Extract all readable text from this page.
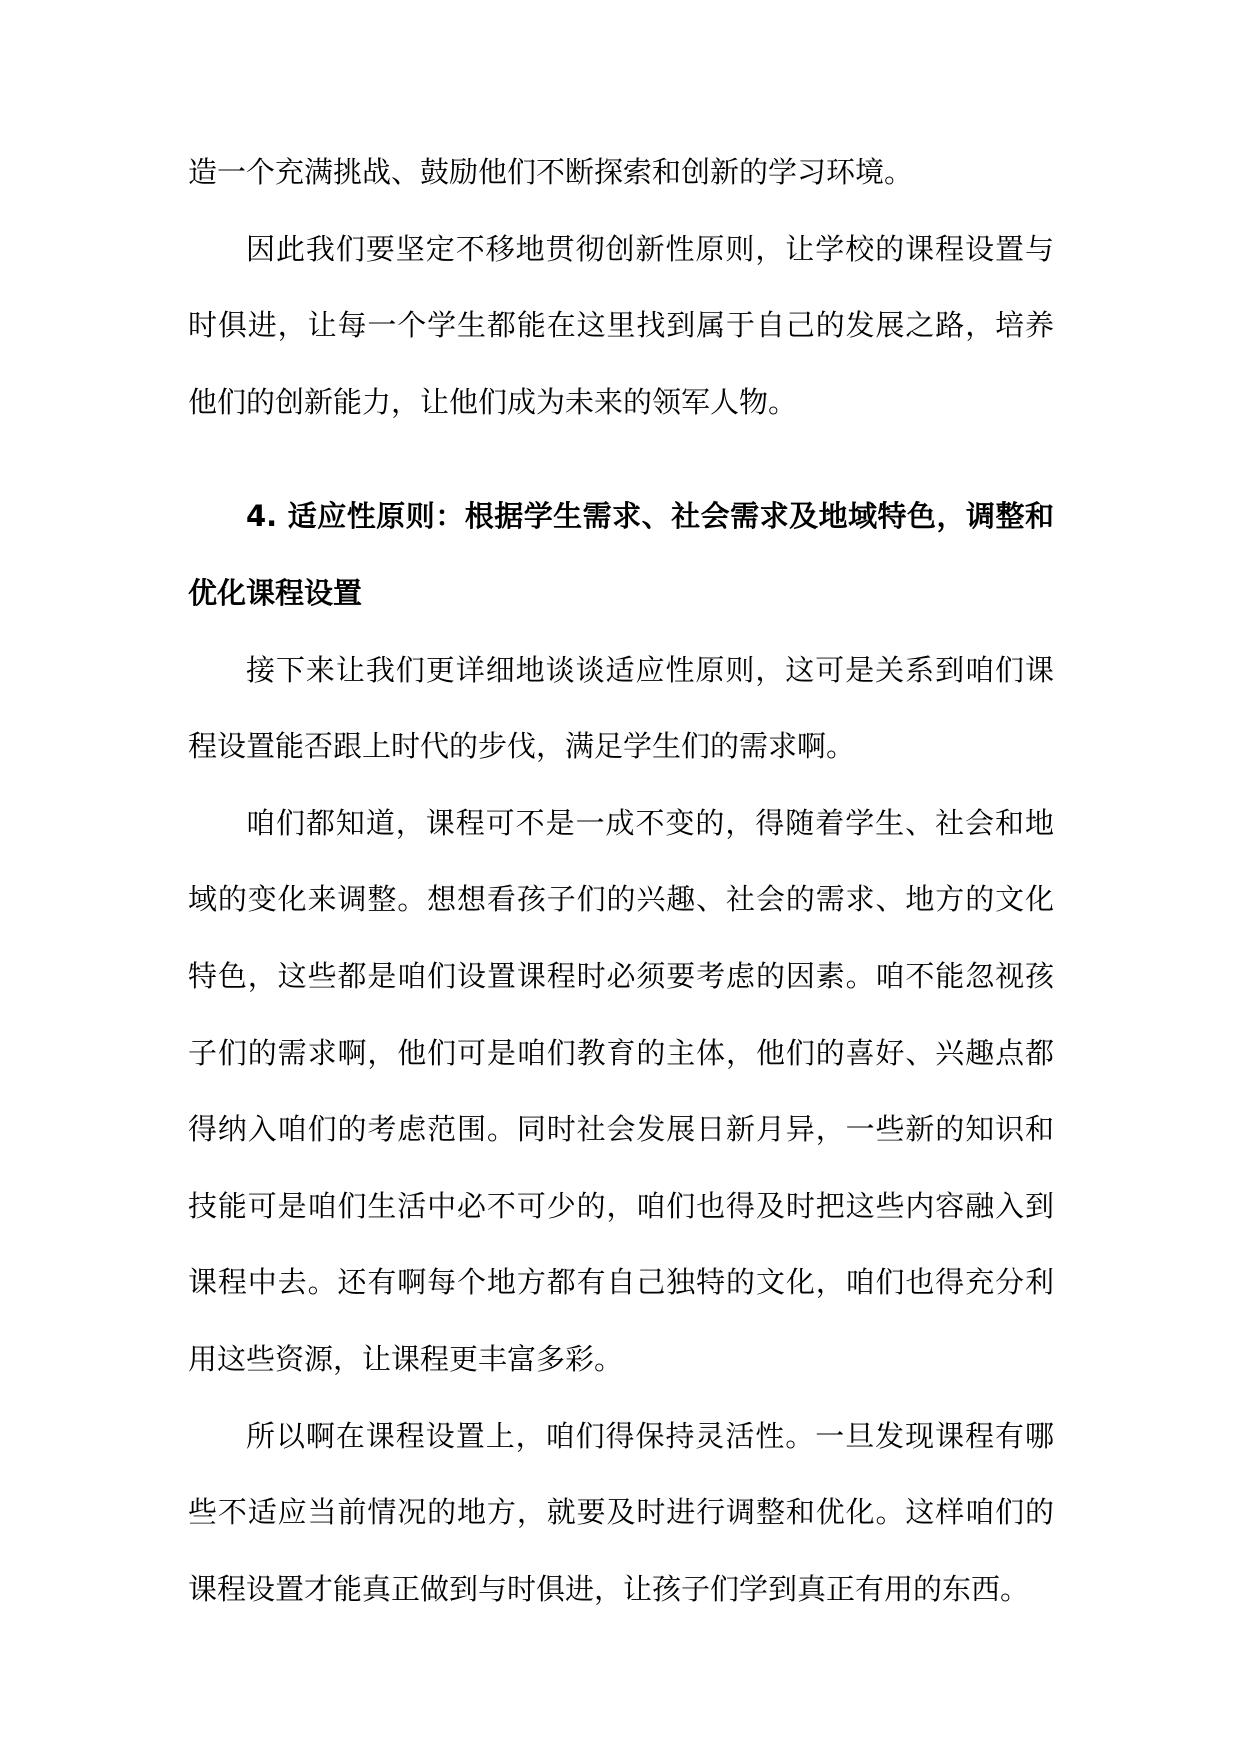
造一个充满挑战、鼓励他们不断探索和创新的学习环境。

因此我们要坚定不移地贯彻创新性原则，让学校的课程设置与时俱进，让每一个学生都能在这里找到属于自己的发展之路，培养他们的创新能力，让他们成为未来的领军人物。

4. 适应性原则：根据学生需求、社会需求及地域特色，调整和优化课程设置

接下来让我们更详细地谈谈适应性原则，这可是关系到咱们课程设置能否跟上时代的步伐，满足学生们的需求啊。

咱们都知道，课程可不是一成不变的，得随着学生、社会和地域的变化来调整。想想看孩子们的兴趣、社会的需求、地方的文化特色，这些都是咱们设置课程时必须要考虑的因素。咱不能忽视孩子们的需求啊，他们可是咱们教育的主体，他们的喜好、兴趣点都得纳入咱们的考虑范围。同时社会发展日新月异，一些新的知识和技能可是咱们生活中必不可少的，咱们也得及时把这些内容融入到课程中去。还有啊每个地方都有自己独特的文化，咱们也得充分利用这些资源，让课程更丰富多彩。

所以啊在课程设置上，咱们得保持灵活性。一旦发现课程有哪些不适应当前情况的地方，就要及时进行调整和优化。这样咱们的课程设置才能真正做到与时俱进，让孩子们学到真正有用的东西。
